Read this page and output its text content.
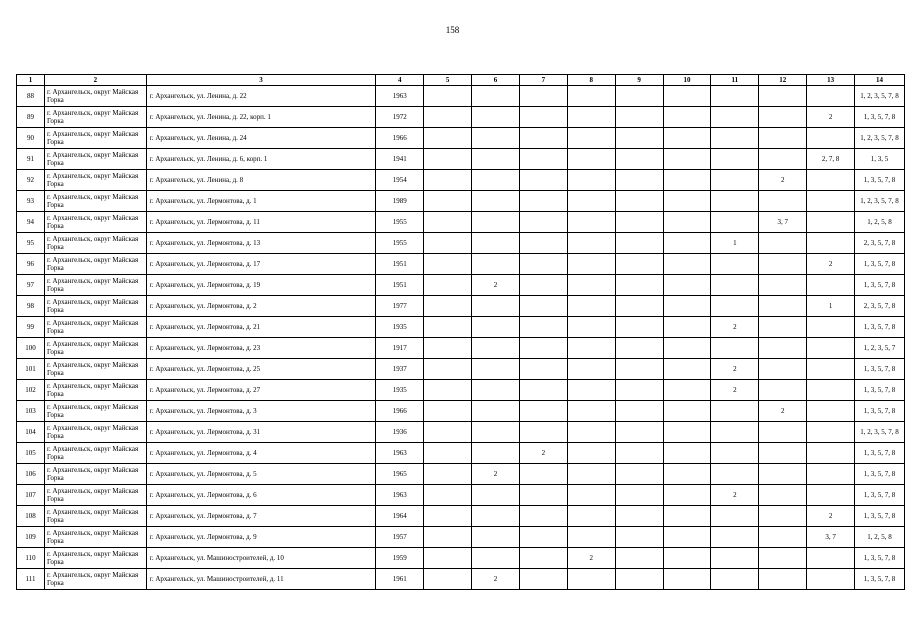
158
1	2	3	4	5	6	7	8	9	10	11	12	13	14
88	г. Архангельск, округ Майская Горка	г. Архангельск, ул. Ленина, д. 22	1963										1, 2, 3, 5, 7, 8
89	г. Архангельск, округ Майская Горка	г. Архангельск, ул. Ленина, д. 22, корп. 1	1972									2	1, 3, 5, 7, 8
90	г. Архангельск, округ Майская Горка	г. Архангельск, ул. Ленина, д. 24	1966										1, 2, 3, 5, 7, 8
91	г. Архангельск, округ Майская Горка	г. Архангельск, ул. Ленина, д. 6, корп. 1	1941									2, 7, 8	1, 3, 5
92	г. Архангельск, округ Майская Горка	г. Архангельск, ул. Ленина, д. 8	1954								2		1, 3, 5, 7, 8
93	г. Архангельск, округ Майская Горка	г. Архангельск, ул. Лермонтова, д. 1	1989										1, 2, 3, 5, 7, 8
94	г. Архангельск, округ Майская Горка	г. Архангельск, ул. Лермонтова, д. 11	1955								3, 7		1, 2, 5, 8
95	г. Архангельск, округ Майская Горка	г. Архангельск, ул. Лермонтова, д. 13	1955							1			2, 3, 5, 7, 8
96	г. Архангельск, округ Майская Горка	г. Архангельск, ул. Лермонтова, д. 17	1951									2	1, 3, 5, 7, 8
97	г. Архангельск, округ Майская Горка	г. Архангельск, ул. Лермонтова, д. 19	1951		2								1, 3, 5, 7, 8
98	г. Архангельск, округ Майская Горка	г. Архангельск, ул. Лермонтова, д. 2	1977									1	2, 3, 5, 7, 8
99	г. Архангельск, округ Майская Горка	г. Архангельск, ул. Лермонтова, д. 21	1935							2			1, 3, 5, 7, 8
100	г. Архангельск, округ Майская Горка	г. Архангельск, ул. Лермонтова, д. 23	1917										1, 2, 3, 5, 7
101	г. Архангельск, округ Майская Горка	г. Архангельск, ул. Лермонтова, д. 25	1937							2			1, 3, 5, 7, 8
102	г. Архангельск, округ Майская Горка	г. Архангельск, ул. Лермонтова, д. 27	1935							2			1, 3, 5, 7, 8
103	г. Архангельск, округ Майская Горка	г. Архангельск, ул. Лермонтова, д. 3	1966								2		1, 3, 5, 7, 8
104	г. Архангельск, округ Майская Горка	г. Архангельск, ул. Лермонтова, д. 31	1936										1, 2, 3, 5, 7, 8
105	г. Архангельск, округ Майская Горка	г. Архангельск, ул. Лермонтова, д. 4	1963			2							1, 3, 5, 7, 8
106	г. Архангельск, округ Майская Горка	г. Архангельск, ул. Лермонтова, д. 5	1965		2								1, 3, 5, 7, 8
107	г. Архангельск, округ Майская Горка	г. Архангельск, ул. Лермонтова, д. 6	1963							2			1, 3, 5, 7, 8
108	г. Архангельск, округ Майская Горка	г. Архангельск, ул. Лермонтова, д. 7	1964									2	1, 3, 5, 7, 8
109	г. Архангельск, округ Майская Горка	г. Архангельск, ул. Лермонтова, д. 9	1957									3, 7	1, 2, 5, 8
110	г. Архангельск, округ Майская Горка	г. Архангельск, ул. Машиностроителей, д. 10	1959				2						1, 3, 5, 7, 8
111	г. Архангельск, округ Майская Горка	г. Архангельск, ул. Машиностроителей, д. 11	1961		2								1, 3, 5, 7, 8
